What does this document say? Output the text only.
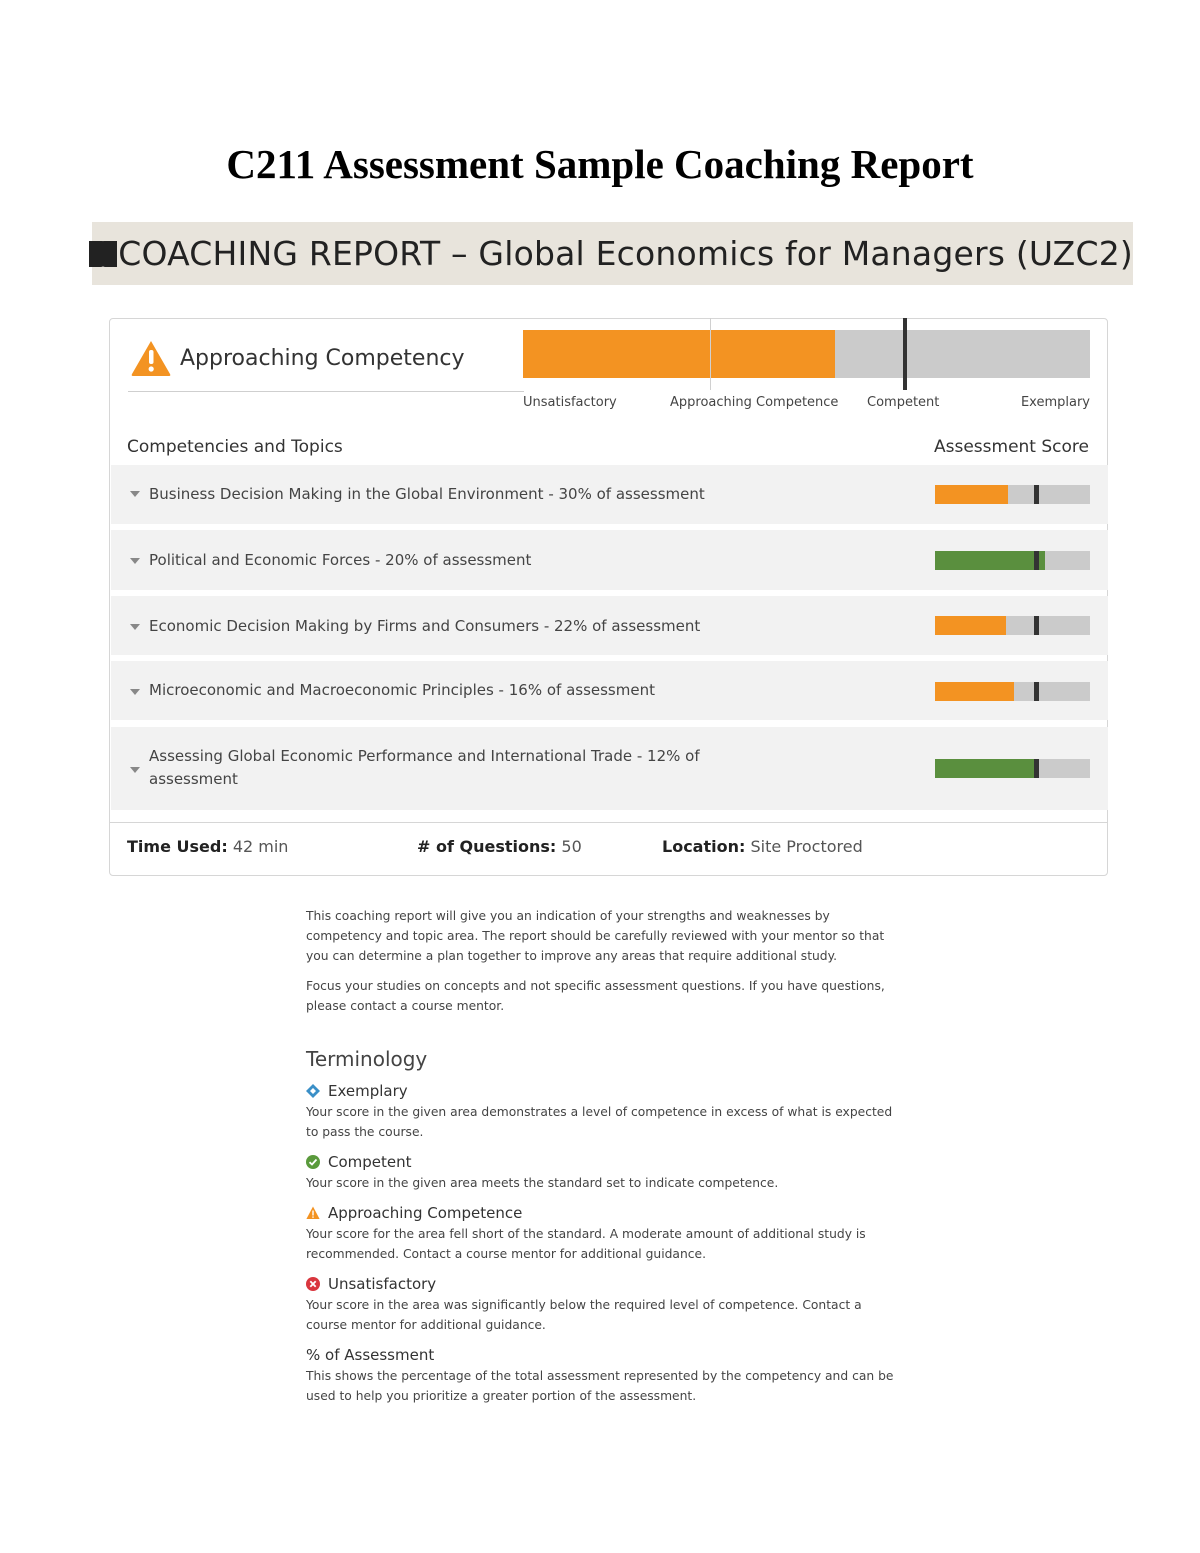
C211 Assessment Sample Coaching Report
COACHING REPORT – Global Economics for Managers (UZC2)
Approaching Competency
Unsatisfactory	Approaching Competence Competent	Exemplary
Competencies and Topics	Assessment Score
Business Decision Making in the Global Environment - 30% of assessment
Political and Economic Forces - 20% of assessment
Economic Decision Making by Firms and Consumers - 22% of assessment
Microeconomic and Macroeconomic Principles - 16% of assessment
Assessing Global Economic Performance and International Trade - 12% of assessment
Time Used: 42 min	# of Questions: 50	Location: Site Proctored

This coaching report will give you an indication of your strengths and weaknesses by competency and topic area. The report should be carefully reviewed with your mentor so that you can determine a plan together to improve any areas that require additional study.

Focus your studies on concepts and not specific assessment questions. If you have questions, please contact a course mentor.

Terminology
Exemplary
Your score in the given area demonstrates a level of competence in excess of what is expected to pass the course.
Competent
Your score in the given area meets the standard set to indicate competence.
Approaching Competence
Your score for the area fell short of the standard. A moderate amount of additional study is recommended. Contact a course mentor for additional guidance.
Unsatisfactory
Your score in the area was significantly below the required level of competence. Contact a course mentor for additional guidance.
% of Assessment
This shows the percentage of the total assessment represented by the competency and can be used to help you prioritize a greater portion of the assessment.
